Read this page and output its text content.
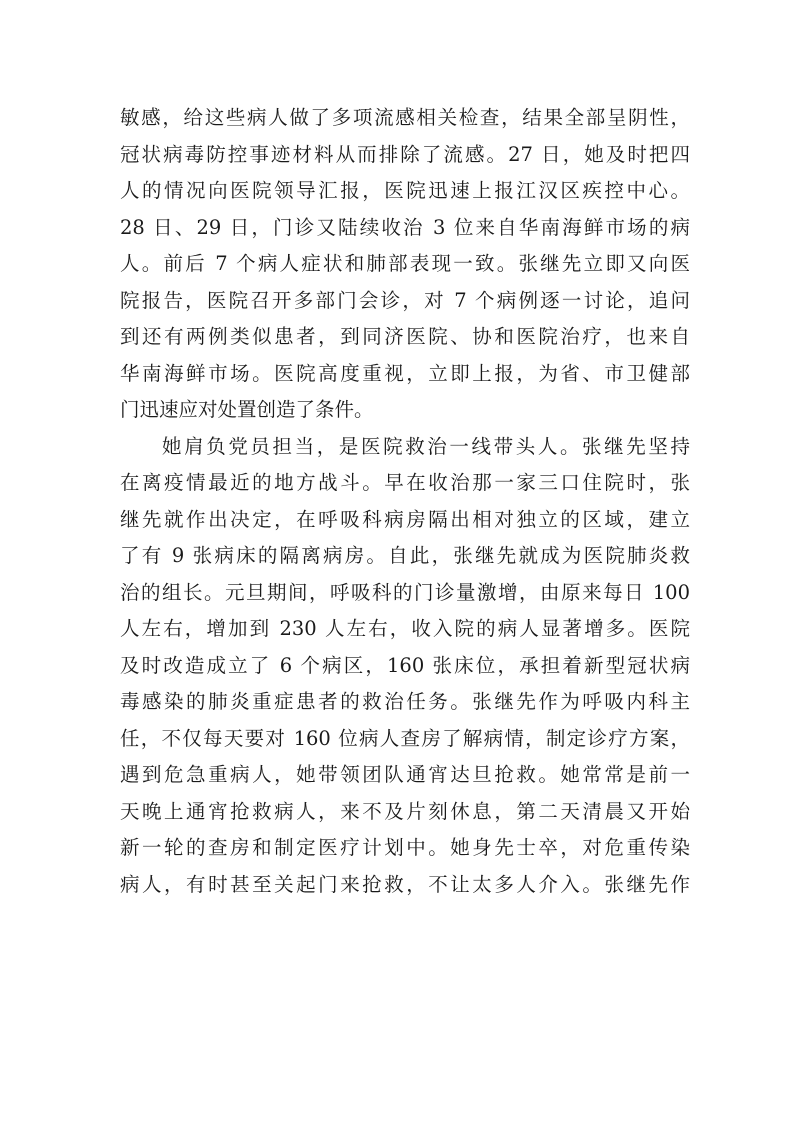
敏感，给这些病人做了多项流感相关检查，结果全部呈阴性，
冠状病毒防控事迹材料从而排除了流感。27 日，她及时把四
人的情况向医院领导汇报，医院迅速上报江汉区疾控中心。
28 日、29 日，门诊又陆续收治 3 位来自华南海鲜市场的病
人。前后 7 个病人症状和肺部表现一致。张继先立即又向医
院报告，医院召开多部门会诊，对 7 个病例逐一讨论，追问
到还有两例类似患者，到同济医院、协和医院治疗，也来自
华南海鲜市场。医院高度重视，立即上报，为省、市卫健部
门迅速应对处置创造了条件。
她肩负党员担当，是医院救治一线带头人。张继先坚持
在离疫情最近的地方战斗。早在收治那一家三口住院时，张
继先就作出决定，在呼吸科病房隔出相对独立的区域，建立
了有 9 张病床的隔离病房。自此，张继先就成为医院肺炎救
治的组长。元旦期间，呼吸科的门诊量激增，由原来每日 100
人左右，增加到 230 人左右，收入院的病人显著增多。医院
及时改造成立了 6 个病区，160 张床位，承担着新型冠状病
毒感染的肺炎重症患者的救治任务。张继先作为呼吸内科主
任，不仅每天要对 160 位病人查房了解病情，制定诊疗方案，
遇到危急重病人，她带领团队通宵达旦抢救。她常常是前一
天晚上通宵抢救病人，来不及片刻休息，第二天清晨又开始
新一轮的查房和制定医疗计划中。她身先士卒，对危重传染
病人，有时甚至关起门来抢救，不让太多人介入。张继先作
